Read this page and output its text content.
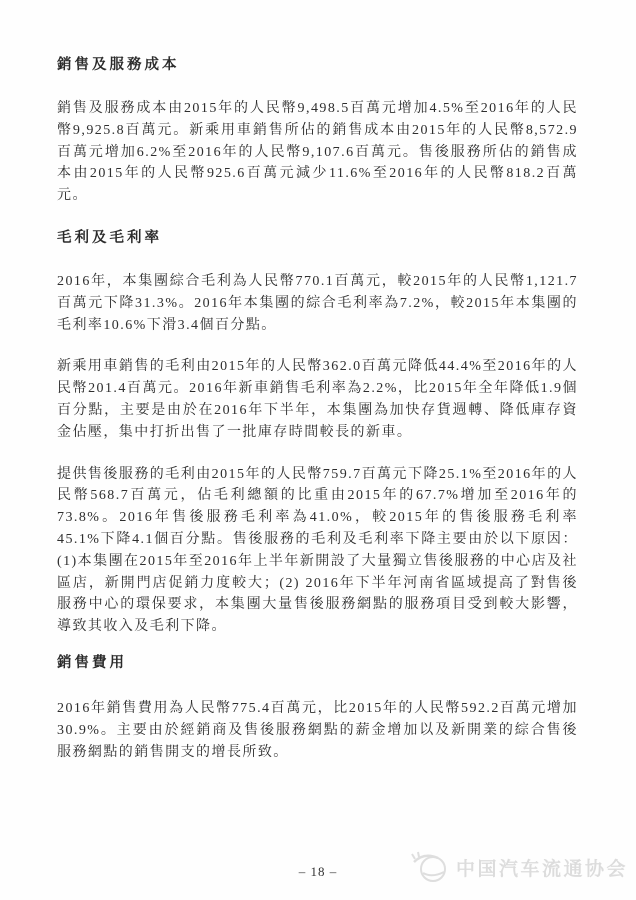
銷售及服務成本

銷售及服務成本由2015年的人民幣9,498.5百萬元增加4.5%至2016年的人民幣9,925.8百萬元。新乘用車銷售所佔的銷售成本由2015年的人民幣8,572.9百萬元增加6.2%至2016年的人民幣9,107.6百萬元。售後服務所佔的銷售成本由2015年的人民幣925.6百萬元減少11.6%至2016年的人民幣818.2百萬元。

毛利及毛利率

2016年，本集團綜合毛利為人民幣770.1百萬元，較2015年的人民幣1,121.7百萬元下降31.3%。2016年本集團的綜合毛利率為7.2%，較2015年本集團的毛利率10.6%下滑3.4個百分點。

新乘用車銷售的毛利由2015年的人民幣362.0百萬元降低44.4%至2016年的人民幣201.4百萬元。2016年新車銷售毛利率為2.2%，比2015年全年降低1.9個百分點，主要是由於在2016年下半年，本集團為加快存貨週轉、降低庫存資金佔壓，集中打折出售了一批庫存時間較長的新車。

提供售後服務的毛利由2015年的人民幣759.7百萬元下降25.1%至2016年的人民幣568.7百萬元，佔毛利總額的比重由2015年的67.7%增加至2016年的73.8%。2016年售後服務毛利率為41.0%，較2015年的售後服務毛利率45.1%下降4.1個百分點。售後服務的毛利及毛利率下降主要由於以下原因：(1)本集團在2015年至2016年上半年新開設了大量獨立售後服務的中心店及社區店，新開門店促銷力度較大；(2) 2016年下半年河南省區域提高了對售後服務中心的環保要求，本集團大量售後服務網點的服務項目受到較大影響，導致其收入及毛利下降。

銷售費用

2016年銷售費用為人民幣775.4百萬元，比2015年的人民幣592.2百萬元增加30.9%。主要由於經銷商及售後服務網點的薪金增加以及新開業的綜合售後服務網點的銷售開支的增長所致。

– 18 –	中国汽车流通协会
